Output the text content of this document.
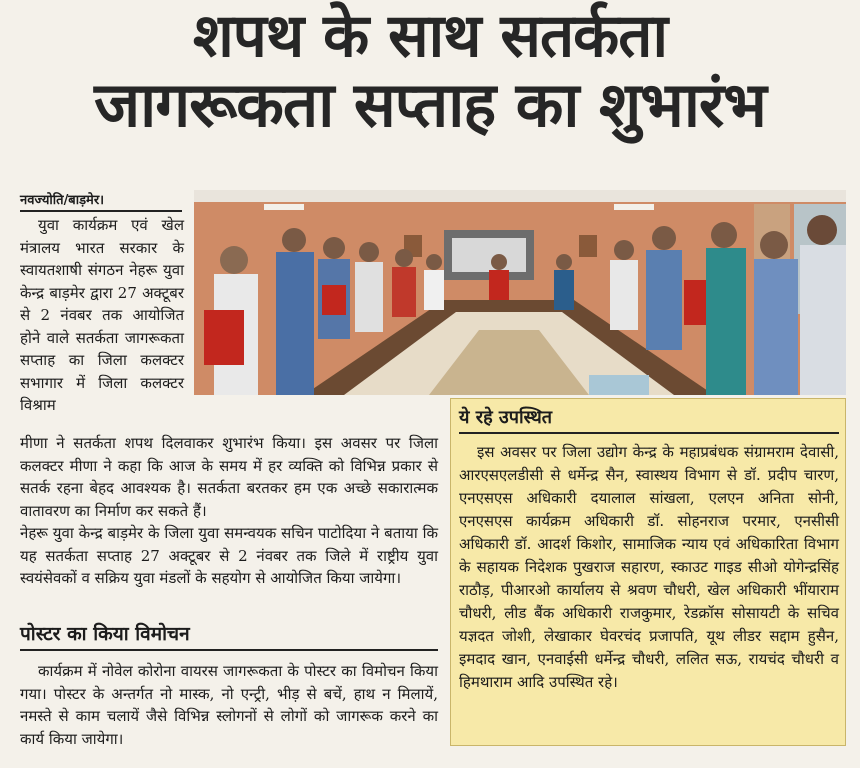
शपथ के साथ सतर्कता
जागरूकता सप्ताह का शुभारंभ
नवज्योति/बाड़मेर।

युवा कार्यक्रम एवं खेल मंत्रालय भारत सरकार के स्वायतशाषी संगठन नेहरू युवा केन्द्र बाड़मेर द्वारा 27 अक्टूबर से 2 नंवबर तक आयोजित होने वाले सतर्कता जागरूकता सप्ताह का जिला कलक्टर सभागार में जिला कलक्टर विश्राम

मीणा ने सतर्कता शपथ दिलवाकर शुभारंभ किया। इस अवसर पर जिला कलक्टर मीणा ने कहा कि आज के समय में हर व्यक्ति को विभिन्न प्रकार से सतर्क रहना बेहद आवश्यक है। सतर्कता बरतकर हम एक अच्छे सकारात्मक वातावरण का निर्माण कर सकते हैं।

नेहरू युवा केन्द्र बाड़मेर के जिला युवा समन्वयक सचिन पाटोदिया ने बताया कि यह सतर्कता सप्ताह 27 अक्टूबर से 2 नंवबर तक जिले में राष्ट्रीय युवा स्वयंसेवकों व सक्रिय युवा मंडलों के सहयोग से आयोजित किया जायेगा।

पोस्टर का किया विमोचन

कार्यक्रम में नोवेल कोरोना वायरस जागरूकता के पोस्टर का विमोचन किया गया। पोस्टर के अन्तर्गत नो मास्क, नो एन्ट्री, भीड़ से बचें, हाथ न मिलायें, नमस्ते से काम चलायें जैसे विभिन्न स्लोगनों से लोगों को जागरूक करने का कार्य किया जायेगा।

ये रहे उपस्थित

इस अवसर पर जिला उद्योग केन्द्र के महाप्रबंधक संग्रामराम देवासी, आरएसएलडीसी से धर्मेन्द्र सैन, स्वास्थय विभाग से डॉ. प्रदीप चारण, एनएसएस अधिकारी दयालाल सांखला, एलएन अनिता सोनी, एनएसएस कार्यक्रम अधिकारी डॉ. सोहनराज परमार, एनसीसी अधिकारी डॉ. आदर्श किशोर, सामाजिक न्याय एवं अधिकारिता विभाग के सहायक निदेशक पुखराज सहारण, स्काउट गाइड सीओ योगेन्द्रसिंह राठौड़, पीआरओ कार्यालय से श्रवण चौधरी, खेल अधिकारी भींयाराम चौधरी, लीड बैंक अधिकारी राजकुमार, रेडक्रॉस सोसायटी के सचिव यज्ञदत जोशी, लेखाकार घेवरचंद प्रजापति, यूथ लीडर सद्दाम हुसैन, इमदाद खान, एनवाईसी धर्मेन्द्र चौधरी, ललित सऊ, रायचंद चौधरी व हिमथाराम आदि उपस्थित रहे।
